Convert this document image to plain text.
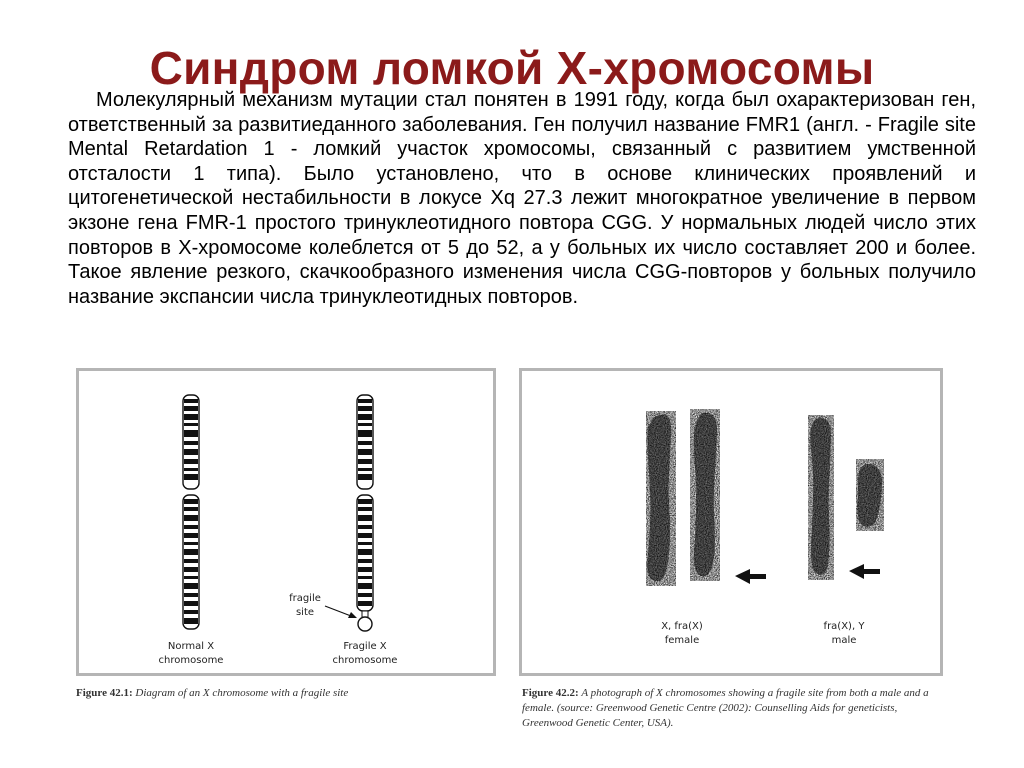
Синдром ломкой Х-хромосомы

Молекулярный механизм мутации стал понятен в 1991 году, когда был охарактеризован ген, ответственный за развитиеданного заболевания. Ген получил название FMR1 (англ. - Fragile site Mental Retardation 1 - ломкий участок хромосомы, связанный с развитием умственной отсталости 1 типа). Было установлено, что в основе клинических проявлений и цитогенетической нестабильности в локусе Xq 27.3 лежит многократное увеличение в первом экзоне гена FMR-1 простого тринуклеотидного повтора CGG. У нормальных людей число этих повторов в X-хромосоме колеблется от 5 до 52, а у больных их число составляет 200 и более. Такое явление резкого, скачкообразного изменения числа CGG-повторов у больных получило название экспансии числа тринуклеотидных повторов.

fragile
site
Normal X
chromosome
Fragile X
chromosome
X, fra(X)
female
fra(X), Y
male

Figure 42.1: Diagram of an X chromosome with a fragile site	Figure 42.2: A photograph of X chromosomes showing a fragile site from both a male and a female. (source: Greenwood Genetic Centre (2002): Counselling Aids for geneticists, Greenwood Genetic Center, USA).
